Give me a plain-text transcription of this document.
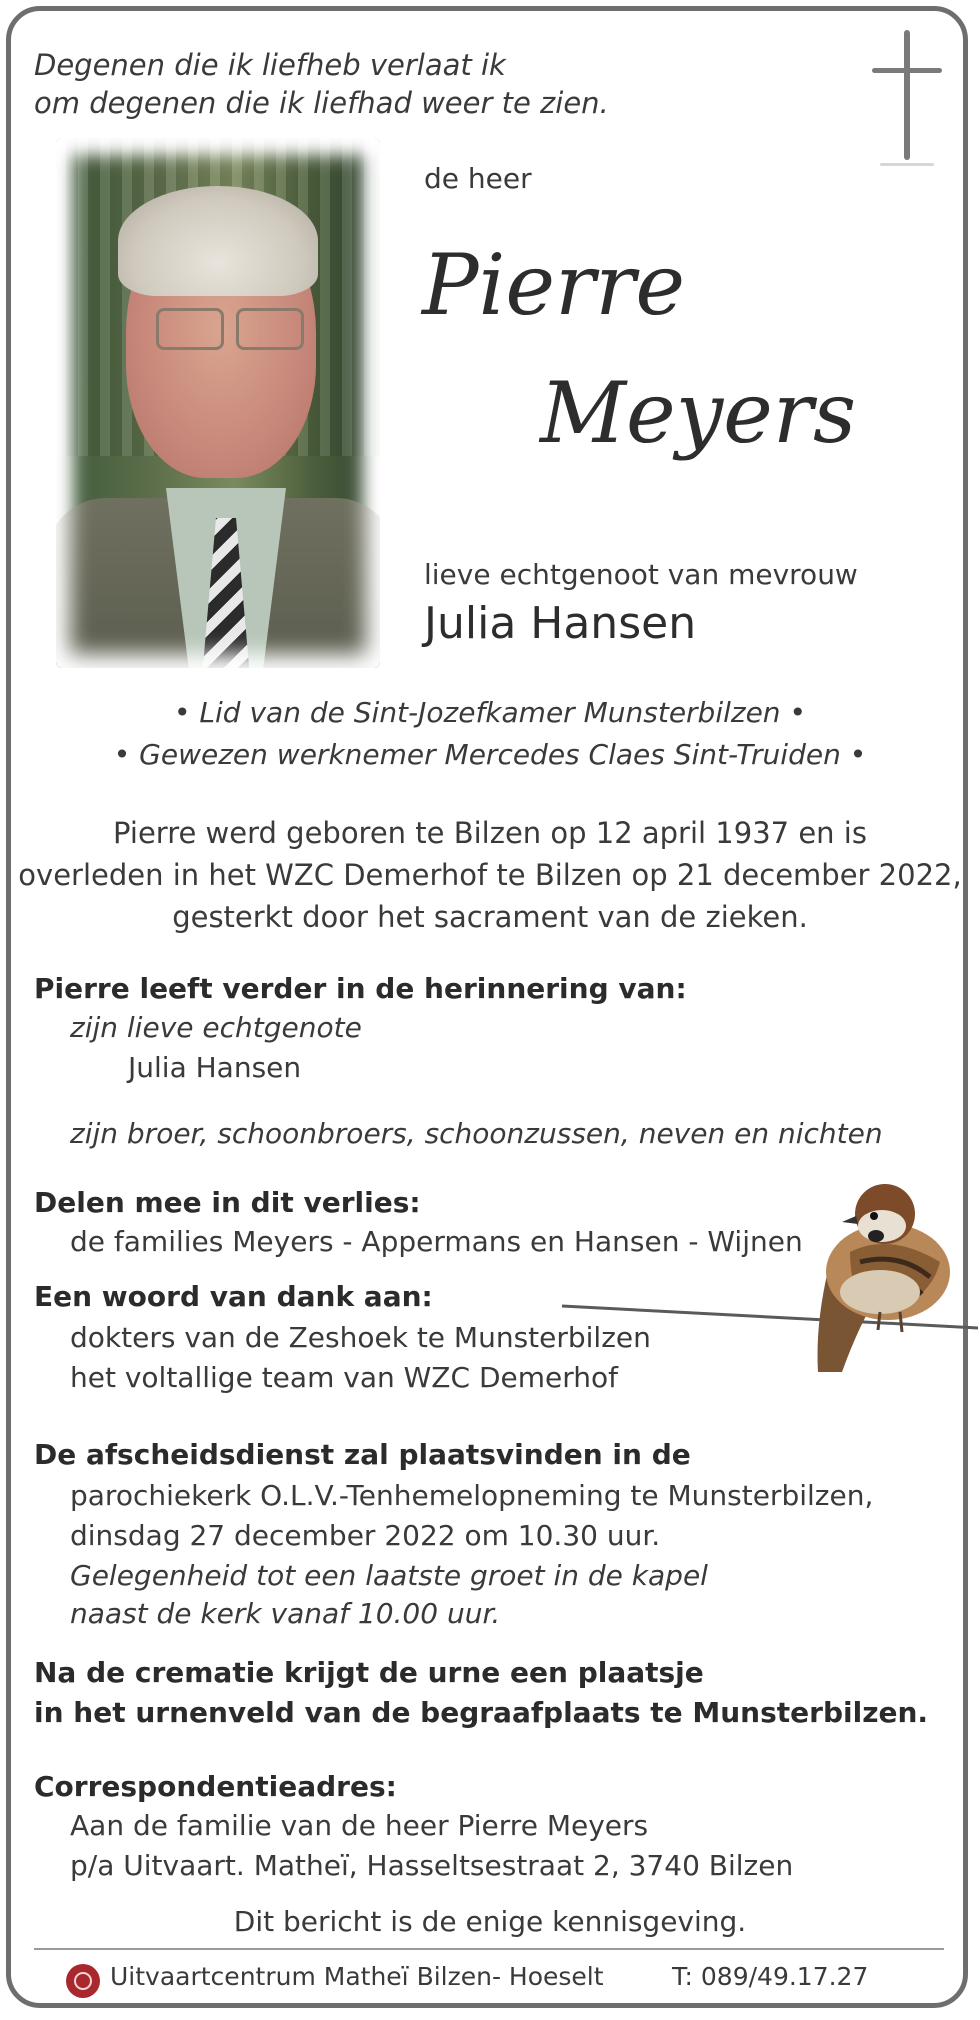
Degenen die ik liefheb verlaat ik
om degenen die ik liefhad weer te zien.
de heer
Pierre
Meyers
lieve echtgenoot van mevrouw
Julia Hansen
• Lid van de Sint-Jozefkamer Munsterbilzen •
• Gewezen werknemer Mercedes Claes Sint-Truiden •
Pierre werd geboren te Bilzen op 12 april 1937 en is
overleden in het WZC Demerhof te Bilzen op 21 december 2022,
gesterkt door het sacrament van de zieken.
Pierre leeft verder in de herinnering van:
zijn lieve echtgenote
Julia Hansen
zijn broer, schoonbroers, schoonzussen, neven en nichten
Delen mee in dit verlies:
de families Meyers - Appermans en Hansen - Wijnen
Een woord van dank aan:
dokters van de Zeshoek te Munsterbilzen
het voltallige team van WZC Demerhof
De afscheidsdienst zal plaatsvinden in de
parochiekerk O.L.V.-Tenhemelopneming te Munsterbilzen,
dinsdag 27 december 2022 om 10.30 uur.
Gelegenheid tot een laatste groet in de kapel
naast de kerk vanaf 10.00 uur.
Na de crematie krijgt de urne een plaatsje
in het urnenveld van de begraafplaats te Munsterbilzen.
Correspondentieadres:
Aan de familie van de heer Pierre Meyers
p/a Uitvaart. Matheï, Hasseltsestraat 2, 3740 Bilzen
Dit bericht is de enige kennisgeving.
Uitvaartcentrum Matheï Bilzen- Hoeselt	T: 089/49.17.27
